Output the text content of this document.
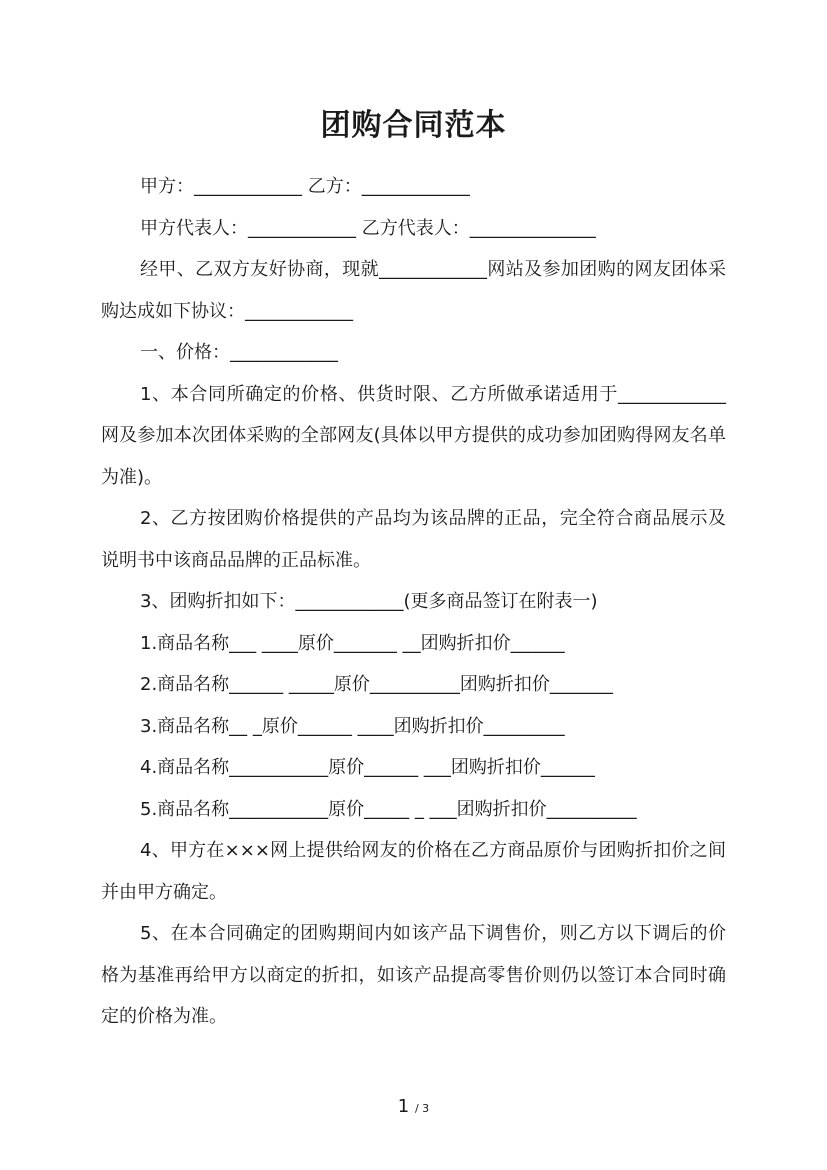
团购合同范本

甲方：____________ 乙方：____________

甲方代表人：____________ 乙方代表人：______________

经甲、乙双方友好协商，现就____________网站及参加团购的网友团体采购达成如下协议：____________

一、价格：____________

1、本合同所确定的价格、供货时限、乙方所做承诺适用于____________网及参加本次团体采购的全部网友(具体以甲方提供的成功参加团购得网友名单为准)。

2、乙方按团购价格提供的产品均为该品牌的正品，完全符合商品展示及说明书中该商品品牌的正品标准。

3、团购折扣如下：____________(更多商品签订在附表一)

1.商品名称___ ____原价_______ __团购折扣价______

2.商品名称______ _____原价__________团购折扣价_______

3.商品名称__ _原价______ ____团购折扣价_________

4.商品名称___________原价______ ___团购折扣价______

5.商品名称___________原价_____ _ ___团购折扣价__________

4、甲方在×××网上提供给网友的价格在乙方商品原价与团购折扣价之间并由甲方确定。

5、在本合同确定的团购期间内如该产品下调售价，则乙方以下调后的价格为基准再给甲方以商定的折扣，如该产品提高零售价则仍以签订本合同时确定的价格为准。

1 / 3
